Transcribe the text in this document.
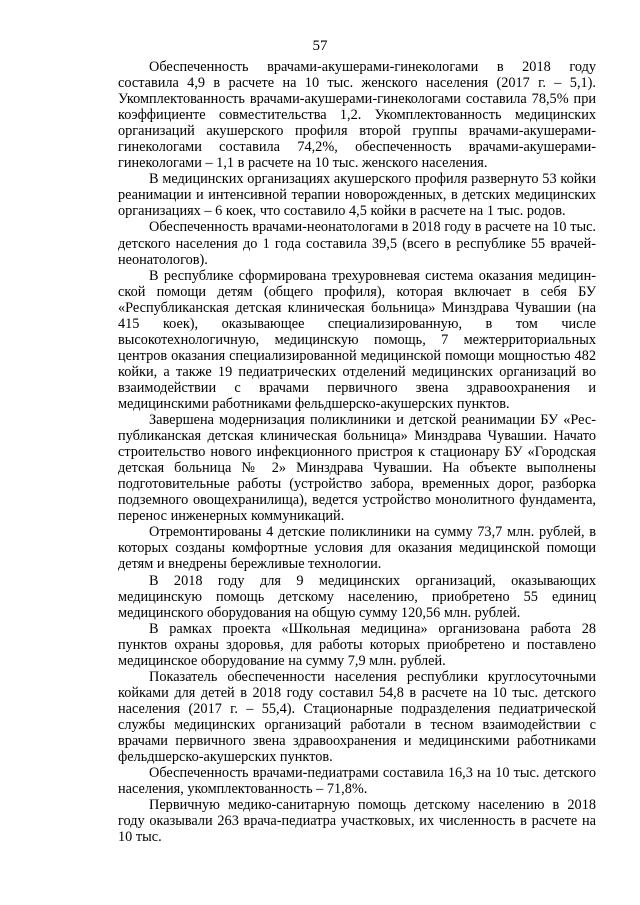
57

Обеспеченность врачами-акушерами-гинекологами в 2018 году составила 4,9 в расчете на 10 тыс. женского населения (2017 г. – 5,1). Укомплектованность врачами-акушерами-гинекологами составила 78,5% при коэффициенте совместительства 1,2. Укомплектованность медицинских организаций акушерского профиля второй группы врачами-акушерами-гинекологами составила 74,2%, обеспеченность врачами-акушерами-гинекологами – 1,1 в расчете на 10 тыс. женского населения.

В медицинских организациях акушерского профиля развернуто 53 койки реанимации и интенсивной терапии новорожденных, в детских медицинских организациях – 6 коек, что составило 4,5 койки в расчете на 1 тыс. родов.

Обеспеченность врачами-неонатологами в 2018 году в расчете на 10 тыс. детского населения до 1 года составила 39,5 (всего в республике 55 врачей-неонатологов).

В республике сформирована трехуровневая система оказания медицинской помощи детям (общего профиля), которая включает в себя БУ «Республиканская детская клиническая больница» Минздрава Чувашии (на 415 коек), оказывающее специализированную, в том числе высокотехнологичную, медицинскую помощь, 7 межтерриториальных центров оказания специализированной медицинской помощи мощностью 482 койки, а также 19 педиатрических отделений медицинских организаций во взаимодействии с врачами первичного звена здравоохранения и медицинскими работниками фельдшерско-акушерских пунктов.

Завершена модернизация поликлиники и детской реанимации БУ «Республиканская детская клиническая больница» Минздрава Чувашии. Начато строительство нового инфекционного пристроя к стационару БУ «Городская детская больница № 2» Минздрава Чувашии. На объекте выполнены подготовительные работы (устройство забора, временных дорог, разборка подземного овощехранилища), ведется устройство монолитного фундамента, перенос инженерных коммуникаций.

Отремонтированы 4 детские поликлиники на сумму 73,7 млн. рублей, в которых созданы комфортные условия для оказания медицинской помощи детям и внедрены бережливые технологии.

В 2018 году для 9 медицинских организаций, оказывающих медицинскую помощь детскому населению, приобретено 55 единиц медицинского оборудования на общую сумму 120,56 млн. рублей.

В рамках проекта «Школьная медицина» организована работа 28 пунктов охраны здоровья, для работы которых приобретено и поставлено медицинское оборудование на сумму 7,9 млн. рублей.

Показатель обеспеченности населения республики круглосуточными койками для детей в 2018 году составил 54,8 в расчете на 10 тыс. детского населения (2017 г. – 55,4). Стационарные подразделения педиатрической службы медицинских организаций работали в тесном взаимодействии с врачами первичного звена здравоохранения и медицинскими работниками фельдшерско-акушерских пунктов.

Обеспеченность врачами-педиатрами составила 16,3 на 10 тыс. детского населения, укомплектованность – 71,8%.

Первичную медико-санитарную помощь детскому населению в 2018 году оказывали 263 врача-педиатра участковых, их численность в расчете на 10 тыс.
